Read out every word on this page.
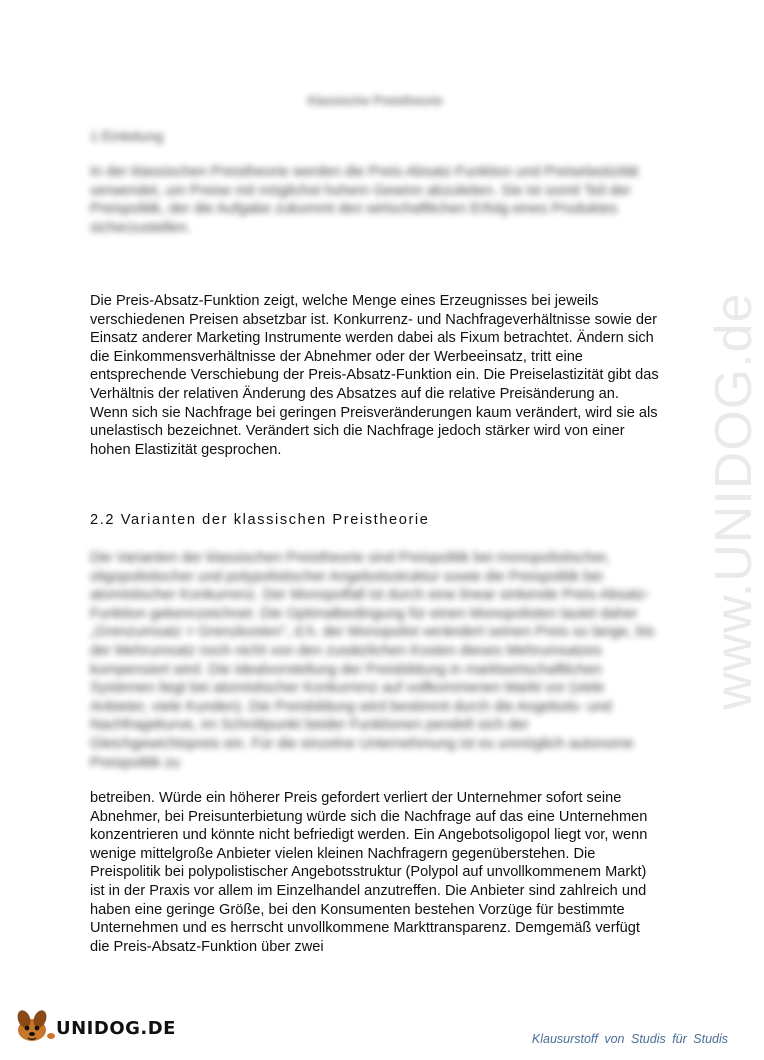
www.UNIDOG.de
Klassische Preistheorie
1 Einleitung
In der klassischen Preistheorie werden die Preis-Absatz-Funktion und Preiselastizität verwendet, um Preise mit möglichst hohem Gewinn abzuleiten. Sie ist somit Teil der Preispolitik, der die Aufgabe zukommt den wirtschaftlichen Erfolg eines Produktes sicherzustellen.
Die Preis-Absatz-Funktion zeigt, welche Menge eines Erzeugnisses bei jeweils verschiedenen Preisen absetzbar ist. Konkurrenz- und Nachfrageverhältnisse sowie der Einsatz anderer Marketing Instrumente werden dabei als Fixum betrachtet. Ändern sich die Einkommensverhältnisse der Abnehmer oder der Werbeeinsatz, tritt eine entsprechende Verschiebung der Preis-Absatz-Funktion ein. Die Preiselastizität gibt das Verhältnis der relativen Änderung des Absatzes auf die relative Preisänderung an. Wenn sich sie Nachfrage bei geringen Preisveränderungen kaum verändert, wird sie als unelastisch bezeichnet. Verändert sich die Nachfrage jedoch stärker wird von einer hohen Elastizität gesprochen.
2.2 Varianten der klassischen Preistheorie
Die Varianten der klassischen Preistheorie sind Preispolitik bei monopolistischer, oligopolistischer und polypolistischer Angebotsstruktur sowie die Preispolitik bei atomistischer Konkurrenz. Der Monopolfall ist durch eine linear sinkende Preis-Absatz-Funktion gekennzeichnet. Die Optimalbedingung für einen Monopolisten lautet daher „Grenzumsatz = Grenzkosten", d.h. der Monopolist verändert seinen Preis so lange, bis der Mehrumsatz noch nicht von den zusätzlichen Kosten dieses Mehrumsatzes kompensiert wird. Die Idealvorstellung der Preisbildung in marktwirtschaftlichen Systemen liegt bei atomistischer Konkurrenz auf vollkommenen Markt vor (viele Anbieter, viele Kunden). Die Preisbildung wird bestimmt durch die Angebots- und Nachfragekurve, im Schnittpunkt beider Funktionen pendelt sich der Gleichgewichtspreis ein. Für die einzelne Unternehmung ist es unmöglich autonome Preispolitik zu
betreiben. Würde ein höherer Preis gefordert verliert der Unternehmer sofort seine Abnehmer, bei Preisunterbietung würde sich die Nachfrage auf das eine Unternehmen konzentrieren und könnte nicht befriedigt werden. Ein Angebotsoligopol liegt vor, wenn wenige mittelgroße Anbieter vielen kleinen Nachfragern gegenüberstehen. Die Preispolitik bei polypolistischer Angebotsstruktur (Polypol auf unvollkommenem Markt) ist in der Praxis vor allem im Einzelhandel anzutreffen. Die Anbieter sind zahlreich und haben eine geringe Größe, bei den Konsumenten bestehen Vorzüge für bestimmte Unternehmen und es herrscht unvollkommene Markttransparenz. Demgemäß verfügt die Preis-Absatz-Funktion über zwei
UNIDOG.DE	Klausurstoff von Studis für Studis
